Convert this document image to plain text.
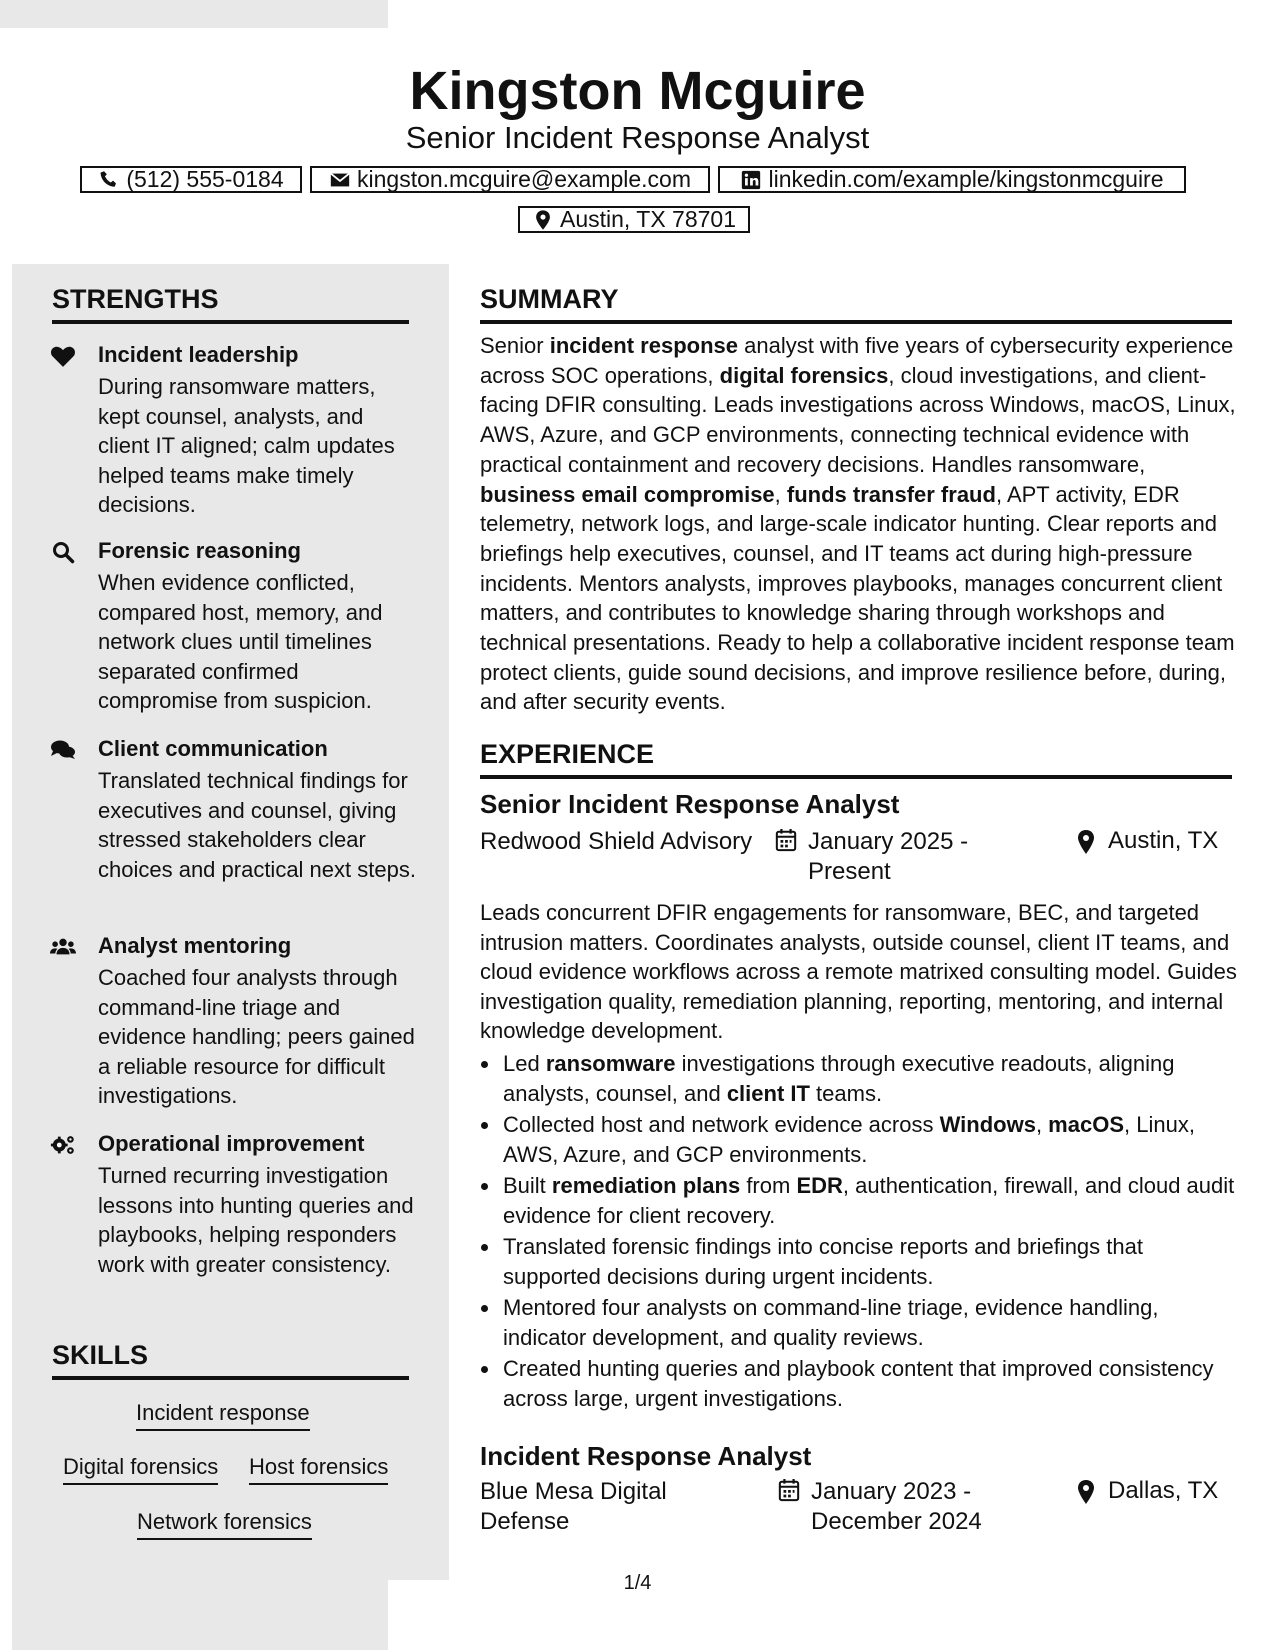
Kingston Mcguire
Senior Incident Response Analyst
(512) 555-0184	kingston.mcguire@example.com	linkedin.com/example/kingstonmcguire
Austin, TX 78701
STRENGTHS
Incident leadership
During ransomware matters, kept counsel, analysts, and client IT aligned; calm updates helped teams make timely decisions.
Forensic reasoning
When evidence conflicted, compared host, memory, and network clues until timelines separated confirmed compromise from suspicion.
Client communication
Translated technical findings for executives and counsel, giving stressed stakeholders clear choices and practical next steps.
Analyst mentoring
Coached four analysts through command-line triage and evidence handling; peers gained a reliable resource for difficult investigations.
Operational improvement
Turned recurring investigation lessons into hunting queries and playbooks, helping responders work with greater consistency.
SKILLS
Incident response
Digital forensics Host forensics
Network forensics
SUMMARY
Senior incident response analyst with five years of cybersecurity experience across SOC operations, digital forensics, cloud investigations, and client-facing DFIR consulting. Leads investigations across Windows, macOS, Linux, AWS, Azure, and GCP environments, connecting technical evidence with practical containment and recovery decisions. Handles ransomware, business email compromise, funds transfer fraud, APT activity, EDR telemetry, network logs, and large-scale indicator hunting. Clear reports and briefings help executives, counsel, and IT teams act during high-pressure incidents. Mentors analysts, improves playbooks, manages concurrent client matters, and contributes to knowledge sharing through workshops and technical presentations. Ready to help a collaborative incident response team protect clients, guide sound decisions, and improve resilience before, during, and after security events.
EXPERIENCE
Senior Incident Response Analyst
Redwood Shield Advisory	January 2025 - Present
Austin, TX
Leads concurrent DFIR engagements for ransomware, BEC, and targeted intrusion matters. Coordinates analysts, outside counsel, client IT teams, and cloud evidence workflows across a remote matrixed consulting model. Guides investigation quality, remediation planning, reporting, mentoring, and internal knowledge development.
Led ransomware investigations through executive readouts, aligning analysts, counsel, and client IT teams.
Collected host and network evidence across Windows, macOS, Linux, AWS, Azure, and GCP environments.
Built remediation plans from EDR, authentication, firewall, and cloud audit evidence for client recovery.
Translated forensic findings into concise reports and briefings that supported decisions during urgent incidents.
Mentored four analysts on command-line triage, evidence handling, indicator development, and quality reviews.
Created hunting queries and playbook content that improved consistency across large, urgent investigations.
Incident Response Analyst
Blue Mesa Digital Defense
January 2023 - December 2024
Dallas, TX
1/4
